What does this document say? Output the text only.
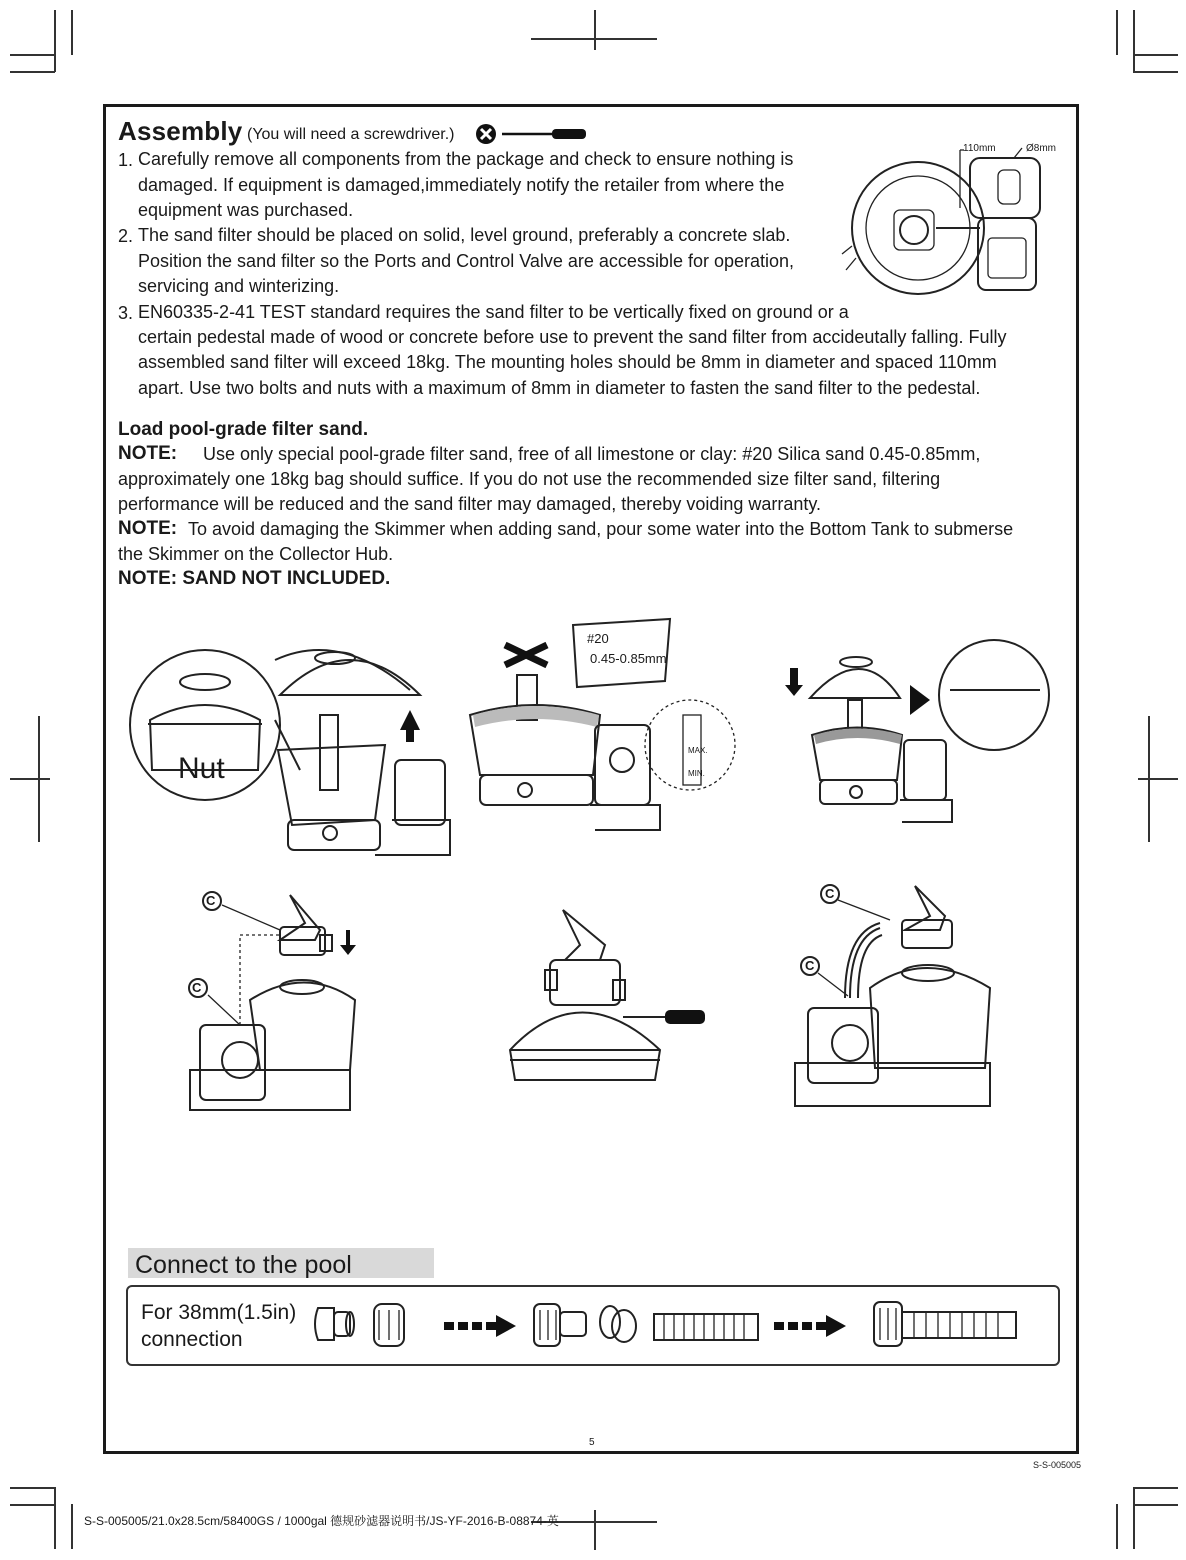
Assembly (You will need a screwdriver.)
1. Carefully remove all components from the package and check to ensure nothing is
damaged. If equipment is damaged,immediately notify the retailer from where the
equipment was purchased.
2. The sand filter should be placed on solid, level ground, preferably a concrete slab.
Position the sand filter so the Ports and Control Valve are accessible for operation,
servicing and winterizing.
3. EN60335-2-41 TEST standard requires the sand filter to be vertically fixed on ground or a
certain pedestal made of wood or concrete before use to prevent the sand filter from accideutally falling. Fully
assembled sand filter will exceed 18kg. The mounting holes should be 8mm in diameter and spaced 110mm
apart. Use two bolts and nuts with a maximum of 8mm in diameter to fasten the sand filter to the pedestal.
110mm	Ø8mm
Load pool-grade filter sand.
NOTE: Use only special pool-grade filter sand, free of all limestone or clay: #20 Silica sand 0.45-0.85mm,
approximately one 18kg bag should suffice. If you do not use the recommended size filter sand, filtering
performance will be reduced and the sand filter may damaged, thereby voiding warranty.
NOTE: To avoid damaging the Skimmer when adding sand, pour some water into the Bottom Tank to submerse
the Skimmer on the Collector Hub.
NOTE: SAND NOT INCLUDED.
Nut
#20
0.45-0.85mm
MAX.
MIN.
C
C
C
C
Connect to the pool
For 38mm(1.5in)
connection
5
S-S-005005
S-S-005005/21.0x28.5cm/58400GS / 1000gal 德规砂滤器说明书/JS-YF-2016-B-08874-英
